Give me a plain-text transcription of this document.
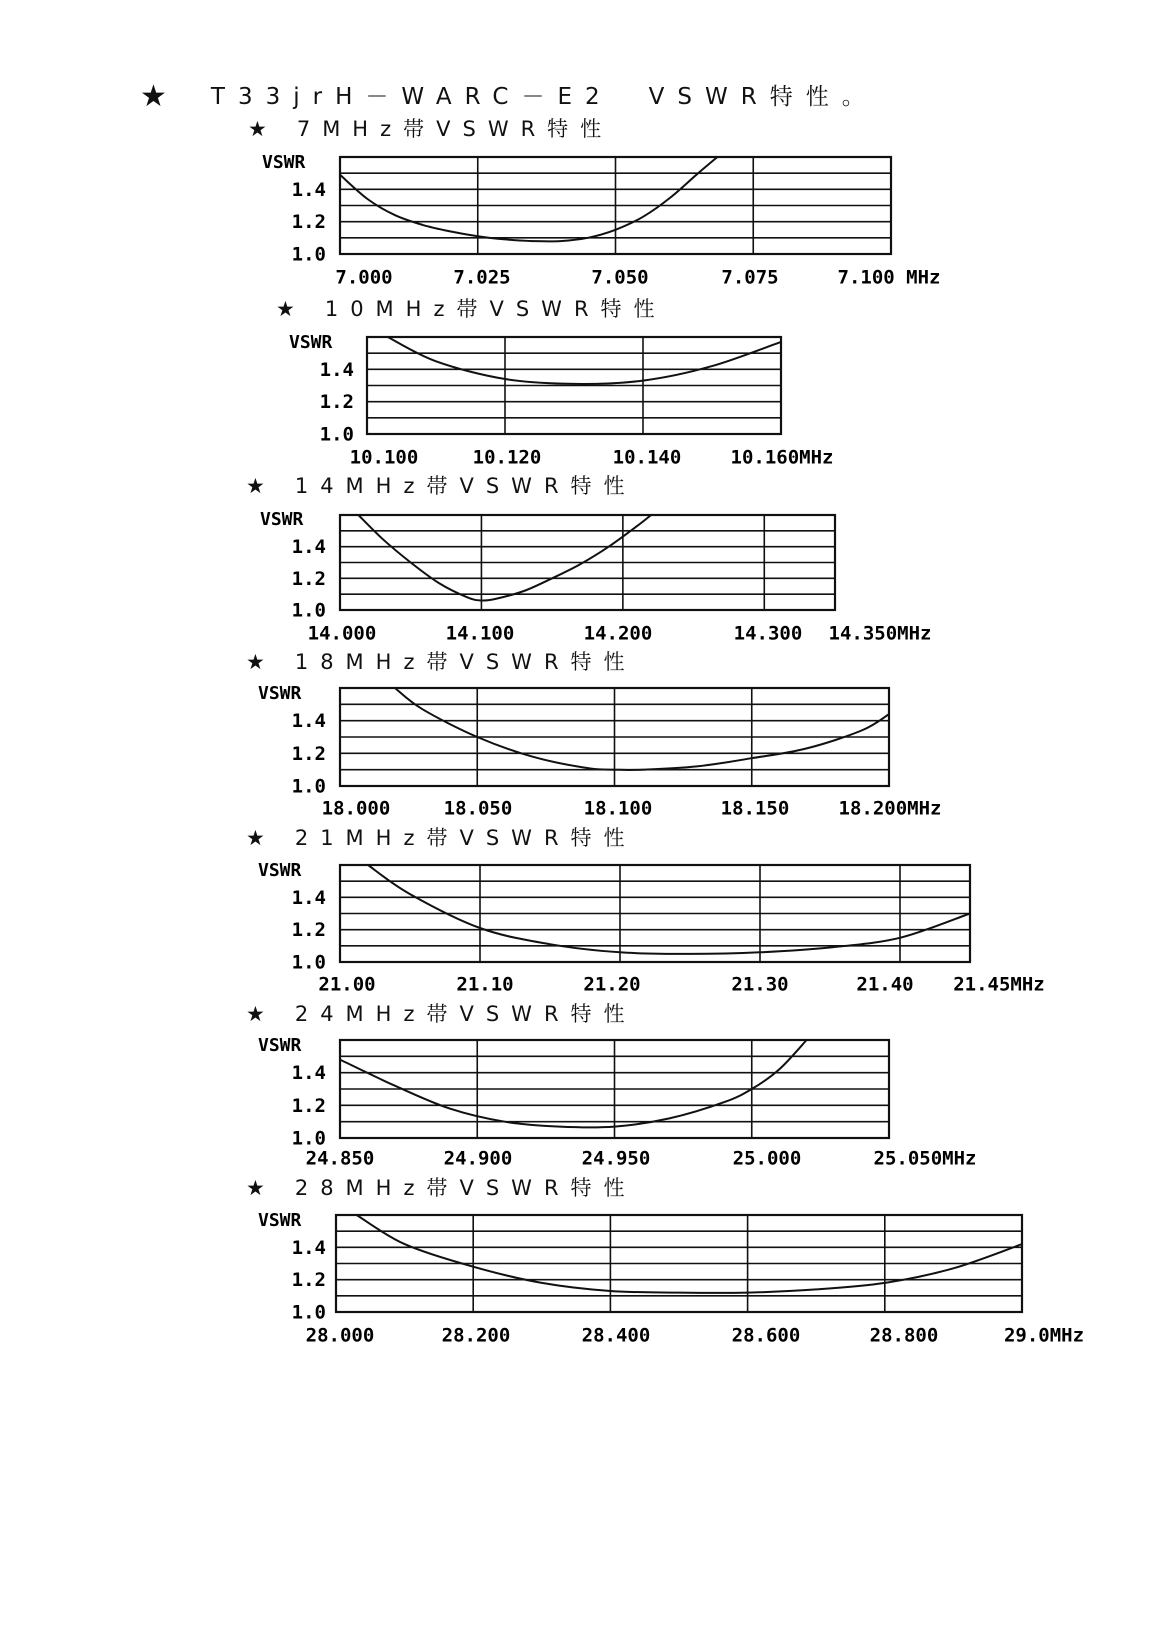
★ T33jrH－WARC－E2　VSWR特性。
★ 7MHz帯VSWR特性
★ 10MHz帯VSWR特性
★ 14MHz帯VSWR特性
★ 18MHz帯VSWR特性
★ 21MHz帯VSWR特性
★ 24MHz帯VSWR特性
★ 28MHz帯VSWR特性
VSWR
1.4
1.2
1.0
7.000	7.025	7.050	7.075	7.100 MHz
VSWR
1.4
1.2
1.0
10.100	10.120	10.140	10.160MHz
VSWR
1.4
1.2
1.0
14.000	14.100	14.200	14.300 14.350MHz
VSWR
1.4
1.2
1.0
18.000	18.050	18.100	18.150	18.200MHz
VSWR
1.4
1.2
1.0
21.00	21.10	21.20	21.30	21.40 21.45MHz
VSWR
1.4
1.2
1.0
24.850	24.900	24.950	25.000	25.050MHz
VSWR
1.4
1.2
1.0
28.000	28.200	28.400	28.600	28.800	29.0MHz
